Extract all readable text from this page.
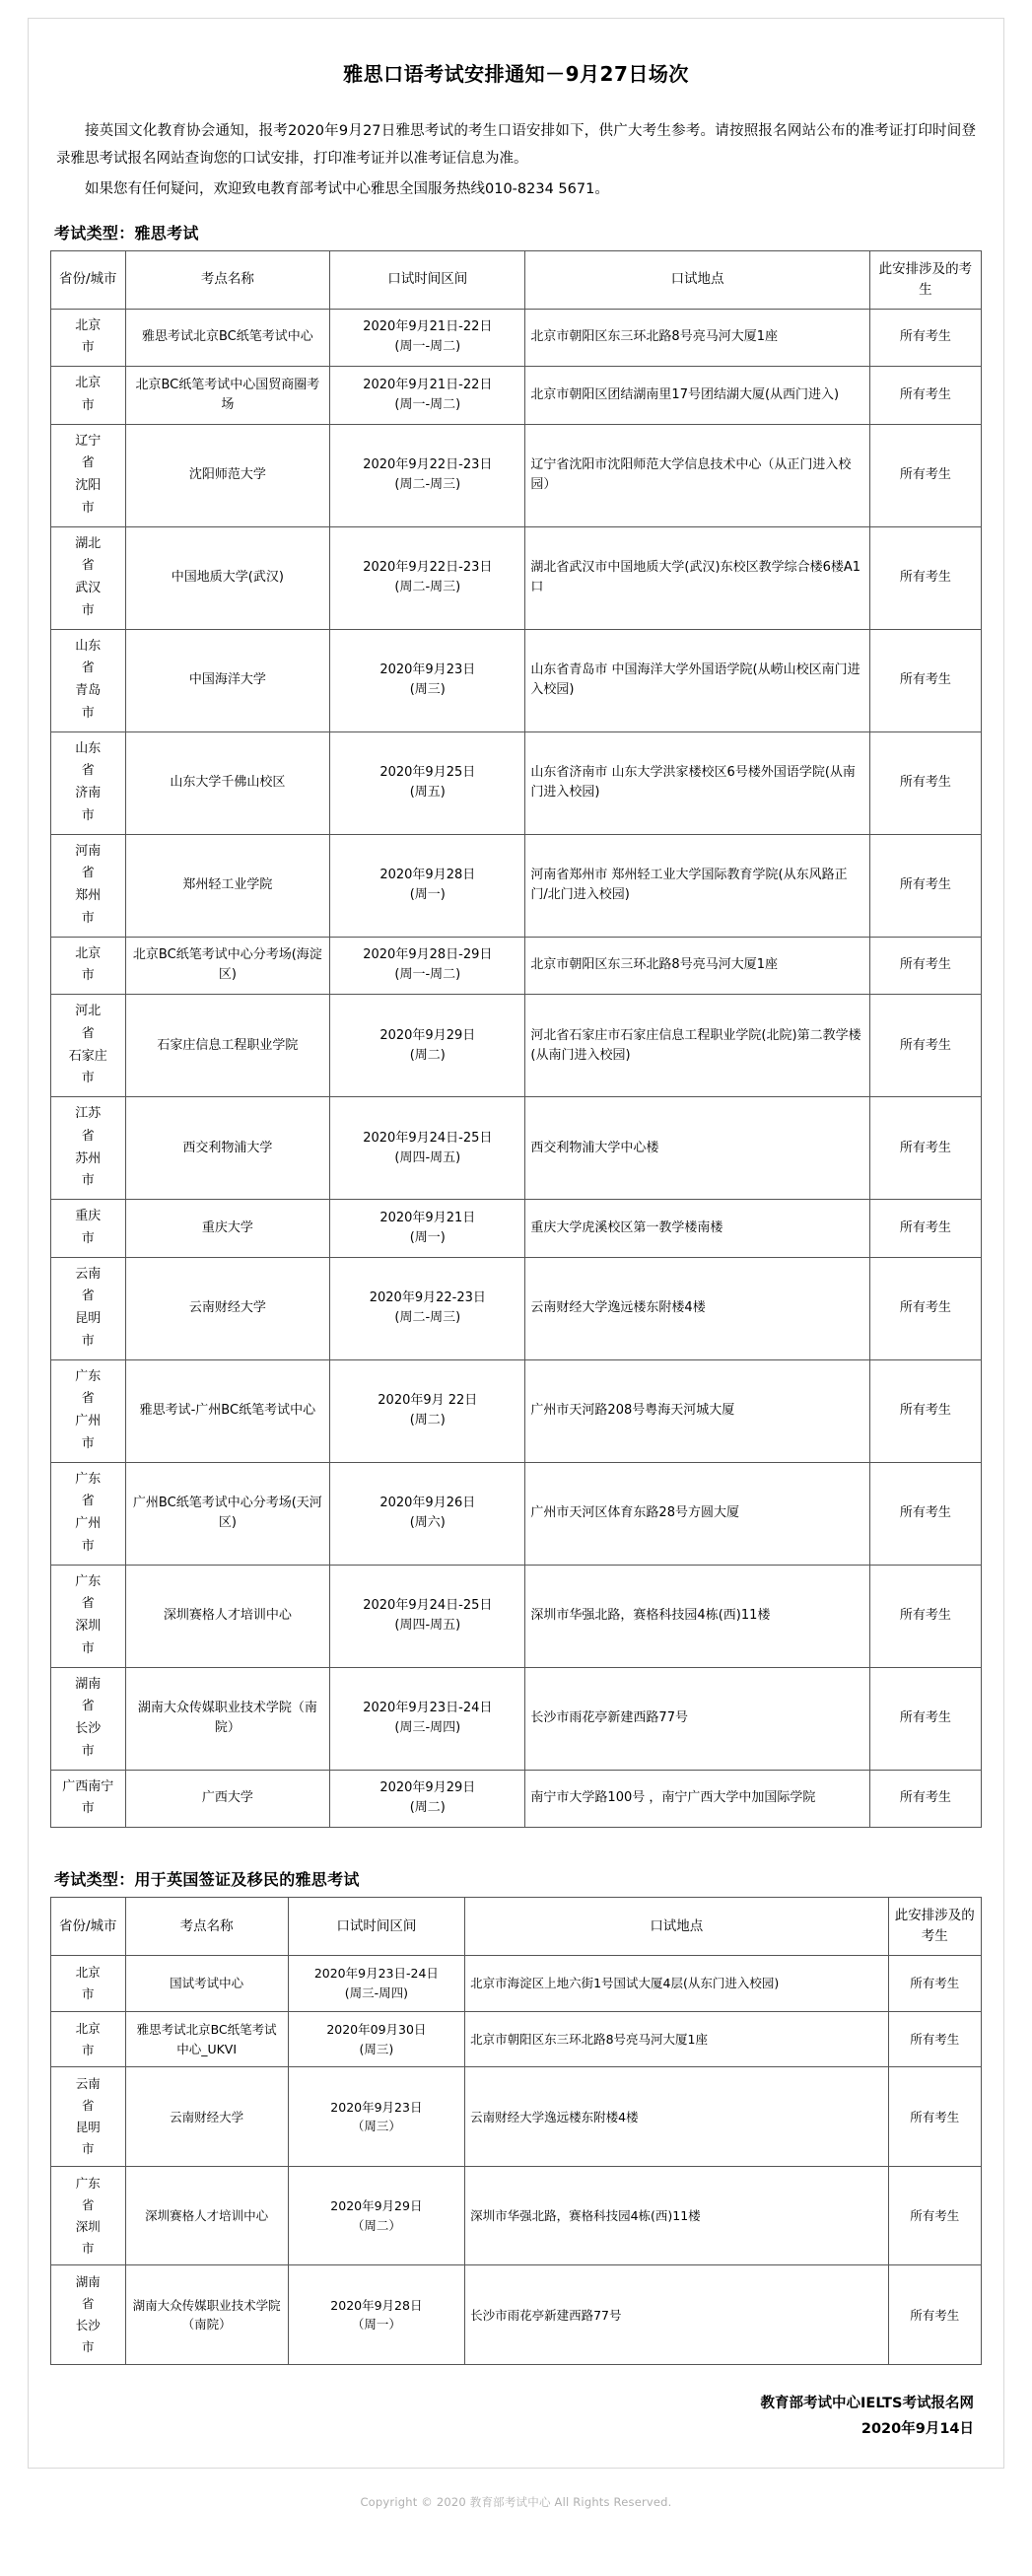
雅思口语考试安排通知－9月27日场次

接英国文化教育协会通知，报考2020年9月27日雅思考试的考生口语安排如下，供广大考生参考。请按照报名网站公布的准考证打印时间登录雅思考试报名网站查询您的口试安排，打印准考证并以准考证信息为准。

如果您有任何疑问，欢迎致电教育部考试中心雅思全国服务热线010-8234 5671。

考试类型：雅思考试
省份/城市	考点名称	口试时间区间	口试地点	此安排涉及的考生

北京
市	雅思考试北京BC纸笔考试中心	2020年9月21日-22日
(周一-周二)	北京市朝阳区东三环北路8号亮马河大厦1座	所有考生

北京
市	北京BC纸笔考试中心国贸商圈考场	2020年9月21日-22日
(周一-周二)	北京市朝阳区团结湖南里17号团结湖大厦(从西门进入)	所有考生

辽宁
省
沈阳
市	沈阳师范大学	2020年9月22日-23日
(周二-周三)	辽宁省沈阳市沈阳师范大学信息技术中心（从正门进入校园）	所有考生

湖北
省
武汉
市	中国地质大学(武汉)	2020年9月22日-23日
(周二-周三)	湖北省武汉市中国地质大学(武汉)东校区教学综合楼6楼A1口	所有考生

山东
省
青岛
市	中国海洋大学	2020年9月23日
(周三)	山东省青岛市 中国海洋大学外国语学院(从崂山校区南门进入校园)	所有考生

山东
省
济南
市	山东大学千佛山校区	2020年9月25日
(周五)	山东省济南市 山东大学洪家楼校区6号楼外国语学院(从南门进入校园)	所有考生

河南
省
郑州
市	郑州轻工业学院	2020年9月28日
(周一)	河南省郑州市 郑州轻工业大学国际教育学院(从东风路正门/北门进入校园)	所有考生

北京
市	北京BC纸笔考试中心分考场(海淀区)	2020年9月28日-29日
(周一-周二)	北京市朝阳区东三环北路8号亮马河大厦1座	所有考生

河北
省
石家庄
市	石家庄信息工程职业学院	2020年9月29日
(周二)	河北省石家庄市石家庄信息工程职业学院(北院)第二教学楼(从南门进入校园)	所有考生

江苏
省
苏州
市	西交利物浦大学	2020年9月24日-25日
(周四-周五)	西交利物浦大学中心楼	所有考生

重庆
市	重庆大学	2020年9月21日
(周一)	重庆大学虎溪校区第一教学楼南楼	所有考生

云南
省
昆明
市	云南财经大学	2020年9月22-23日
(周二-周三)	云南财经大学逸远楼东附楼4楼	所有考生

广东
省
广州
市	雅思考试-广州BC纸笔考试中心	2020年9月 22日
(周二)	广州市天河路208号粤海天河城大厦	所有考生

广东
省
广州
市	广州BC纸笔考试中心分考场(天河区)	2020年9月26日
(周六)	广州市天河区体育东路28号方圆大厦	所有考生

广东
省
深圳
市	深圳赛格人才培训中心	2020年9月24日-25日
(周四-周五)	深圳市华强北路，赛格科技园4栋(西)11楼	所有考生

湖南
省
长沙
市	湖南大众传媒职业技术学院（南院）	2020年9月23日-24日
(周三-周四)	长沙市雨花亭新建西路77号	所有考生

广西南宁
市	广西大学	2020年9月29日
(周二)	南宁市大学路100号 ，南宁广西大学中加国际学院	所有考生
考试类型：用于英国签证及移民的雅思考试
省份/城市	考点名称	口试时间区间	口试地点	此安排涉及的考生

北京
市	国试考试中心	2020年9月23日-24日
(周三-周四)	北京市海淀区上地六街1号国试大厦4层(从东门进入校园)	所有考生

北京
市	雅思考试北京BC纸笔考试中心_UKVI	2020年09月30日
(周三)	北京市朝阳区东三环北路8号亮马河大厦1座	所有考生

云南
省
昆明
市	云南财经大学	2020年9月23日
（周三）	云南财经大学逸远楼东附楼4楼	所有考生

广东
省
深圳
市	深圳赛格人才培训中心	2020年9月29日
（周二）	深圳市华强北路，赛格科技园4栋(西)11楼	所有考生

湖南
省
长沙
市	湖南大众传媒职业技术学院（南院）	2020年9月28日
（周一）	长沙市雨花亭新建西路77号	所有考生
教育部考试中心IELTS考试报名网
2020年9月14日
Copyright © 2020 教育部考试中心 All Rights Reserved.
